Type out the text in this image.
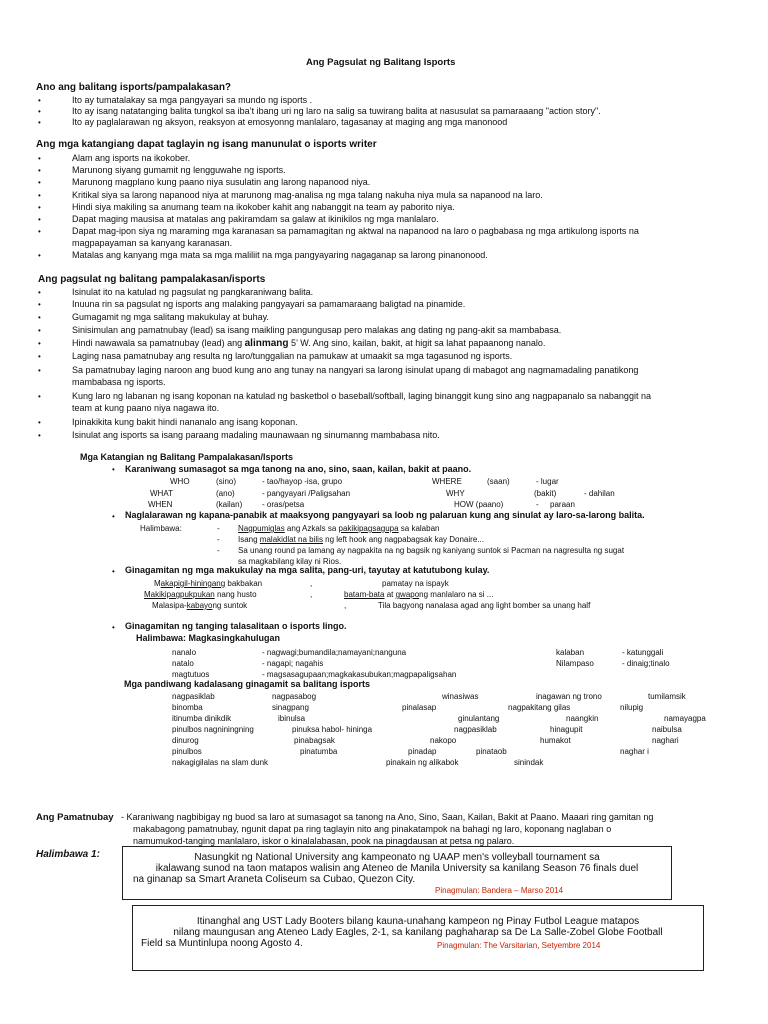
Ang Pagsulat ng Balitang Isports
Ano ang balitang isports/pampalakasan?
•	Ito ay tumatalakay sa mga pangyayari sa mundo ng isports .
•	Ito ay isang natatanging balita tungkol sa iba’t ibang uri ng laro na salig sa tuwirang balita at nasusulat sa pamaraaang "action story".
•	Ito ay paglalarawan ng aksyon, reaksyon at emosyonng manlalaro, tagasanay at maging ang mga manonood
Ang mga katangiang dapat taglayin ng isang manunulat o isports writer
•	Alam ang isports na ikokober.
•	Marunong siyang gumamit ng lengguwahe ng isports.
•	Marunong magplano kung paano niya susulatin ang larong napanood niya.
•	Kritikal siya sa larong napanood niya at marunong mag-analisa ng mga talang nakuha niya mula sa napanood na laro.
•	Hindi siya makiling sa anumang team na ikokober kahit ang nabanggit na team ay paborito niya.
•	Dapat maging mausisa at matalas ang pakiramdam sa galaw at ikinikilos ng mga manlalaro.
•	Dapat mag-ipon siya ng maraming mga karanasan sa pamamagitan ng aktwal na napanood na laro o pagbabasa ng mga artikulong isports na
magpapayaman sa kanyang karanasan.
•	Matalas ang kanyang mga mata sa mga maliliit na mga pangyayaring nagaganap sa larong pinanonood.
Ang pagsulat ng balitang pampalakasan/isports
•	Isinulat ito na katulad ng pagsulat ng pangkaraniwang balita.
•	Inuuna rin sa pagsulat ng isports ang malaking pangyayari sa pamamaraang baligtad na pinamide.
•	Gumagamit ng mga salitang makukulay at buhay.
•	Sinisimulan ang pamatnubay (lead) sa isang maikling pangungusap pero malakas ang dating ng pang-akit sa mambabasa.
•	Hindi nawawala sa pamatnubay (lead) ang alinmang 5’ W. Ang sino, kailan, bakit, at higit sa lahat papaanong nanalo.
•	Laging nasa pamatnubay ang resulta ng laro/tunggalian na pamukaw at umaakit sa mga tagasunod ng isports.
•	Sa pamatnubay laging naroon ang buod kung ano ang tunay na nangyari sa larong isinulat upang di mabagot ang nagmamadaling panatikong
mambabasa ng isports.
•	Kung laro ng labanan ng isang koponan na katulad ng basketbol o baseball/softball, laging binanggit kung sino ang nagpapanalo sa nabanggit na
team at kung paano niya nagawa ito.
•	Ipinakikita kung bakit hindi nananalo ang isang koponan.
•	Isinulat ang isports sa isang paraang madaling maunawaan ng sinumanng mambabasa nito.
Mga Katangian ng Balitang Pampalakasan/Isports
• Karaniwang sumasagot sa mga tanong na ano, sino, saan, kailan, bakit at paano.
WHO	(sino)	- tao/hayop -isa, grupo	WHERE	(saan)	- lugar
WHAT	(ano)	- pangyayari /Paligsahan	WHY	(bakit)	- dahilan
WHEN	(kailan) - oras/petsa	HOW (paano)	- paraan
• Naglalarawan ng kapana-panabik at maaksyong pangyayari sa loob ng palaruan kung ang sinulat ay laro-sa-larong balita.
Halimbawa:	- Nagpumiglas ang Azkals sa pakikipagsagupa sa kalaban
- Isang malakidlat na bilis ng left hook ang nagpabagsak kay Donaire...
- Sa unang round pa lamang ay nagpakita na ng bagsik ng kaniyang suntok si Pacman na nagresulta ng sugat
sa magkabilang kilay ni Rios.
• Ginagamitan ng mga makukulay na mga salita, pang-uri, tayutay at katutubong kulay.
Makapigil-hiningang bakbakan	,	pamatay na ispayk
Makikipagpukpukan nang husto	,	batam-bata at gwapong manlalaro na si ...
Malasipa-kabayong suntok	,	Tila bagyong nanalasa agad ang light bomber sa unang half
• Ginagamitan ng tanging talasalitaan o isports lingo.
Halimbawa: Magkasingkahulugan
nanalo	- nagwagi;bumandila;namayani;nanguna	kalaban	- katunggali
natalo	- nagapi; nagahis	Nilampaso	- dinaig;tinalo
magtutuos	- magsasagupaan;magkakasubukan;magpapaligsahan
Mga pandiwang kadalasang ginagamit sa balitang isports
nagpasiklab	nagpasabog	winasiwas	inagawan ng trono	tumilamsik
binomba	sinagpang	pinalasap	nagpakitang gilas	nilupig
itinumba dinikdik	ibinulsa	ginulantang	naangkin	namayagpa
pinulbos nagniningning	pinuksa habol- hininga	nagpasiklab	hinagupit	naibulsa
dinurog	pinabagsak	nakopo	humakot	naghari
pinulbos	pinatumba	pinadap	pinataob	naghar i
nakagigilalas na slam dunk	pinakain ng alikabok	sinindak
Ang Pamatnubay - Karaniwang nagbibigay ng buod sa laro at sumasagot sa tanong na Ano, Sino, Saan, Kailan, Bakit at Paano. Maaari ring gamitan ng
makabagong pamatnubay, ngunit dapat pa ring taglayin nito ang pinakatampok na bahagi ng laro, koponang naglaban o
namumukod-tanging manlalaro, iskor o kinalalabasan, pook na pinagdausan at petsa ng palaro.
Halimbawa 1:	Nasungkit ng National University ang kampeonato ng UAAP men's volleyball tournament sa
ikalawang sunod na taon matapos walisin ang Ateneo de Manila University sa kanilang Season 76 finals duel
na ginanap sa Smart Araneta Coliseum sa Cubao, Quezon City.
Pinagmulan: Bandera – Marso 2014
Itinanghal ang UST Lady Booters bilang kauna-unahang kampeon ng Pinay Futbol League matapos
nilang maungusan ang Ateneo Lady Eagles, 2-1, sa kanilang paghaharap sa De La Salle-Zobel Globe Football
Field sa Muntinlupa noong Agosto 4.	Pinagmulan: The Varsitarian, Setyembre 2014
